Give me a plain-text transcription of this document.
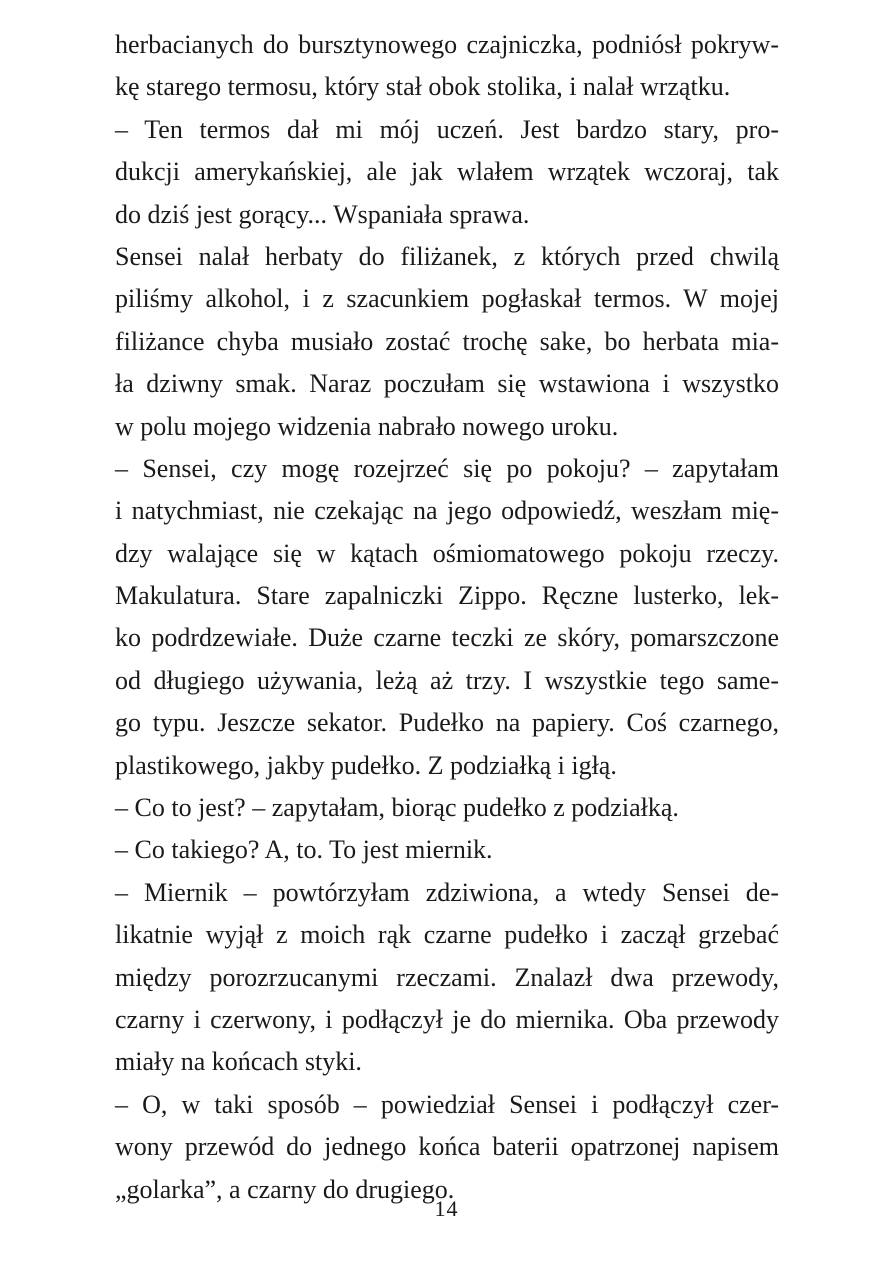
herbacianych do bursztynowego czajniczka, podniósł pokryw-
kę starego termosu, który stał obok stolika, i nalał wrzątku.
– Ten termos dał mi mój uczeń. Jest bardzo stary, pro-
dukcji amerykańskiej, ale jak wlałem wrzątek wczoraj, tak
do dziś jest gorący... Wspaniała sprawa.
Sensei nalał herbaty do filiżanek, z których przed chwilą
piliśmy alkohol, i z szacunkiem pogłaskał termos. W mojej
filiżance chyba musiało zostać trochę sake, bo herbata mia-
ła dziwny smak. Naraz poczułam się wstawiona i wszystko
w polu mojego widzenia nabrało nowego uroku.
– Sensei, czy mogę rozejrzeć się po pokoju? – zapytałam
i natychmiast, nie czekając na jego odpowiedź, weszłam mię-
dzy walające się w kątach ośmiomatowego pokoju rzeczy.
Makulatura. Stare zapalniczki Zippo. Ręczne lusterko, lek-
ko podrdzewiałe. Duże czarne teczki ze skóry, pomarszczone
od długiego używania, leżą aż trzy. I wszystkie tego same-
go typu. Jeszcze sekator. Pudełko na papiery. Coś czarnego,
plastikowego, jakby pudełko. Z podziałką i igłą.
– Co to jest? – zapytałam, biorąc pudełko z podziałką.
– Co takiego? A, to. To jest miernik.
– Miernik – powtórzyłam zdziwiona, a wtedy Sensei de-
likatnie wyjął z moich rąk czarne pudełko i zaczął grzebać
między porozrzucanymi rzeczami. Znalazł dwa przewody,
czarny i czerwony, i podłączył je do miernika. Oba przewody
miały na końcach styki.
– O, w taki sposób – powiedział Sensei i podłączył czer-
wony przewód do jednego końca baterii opatrzonej napisem
„golarka”, a czarny do drugiego.
14
